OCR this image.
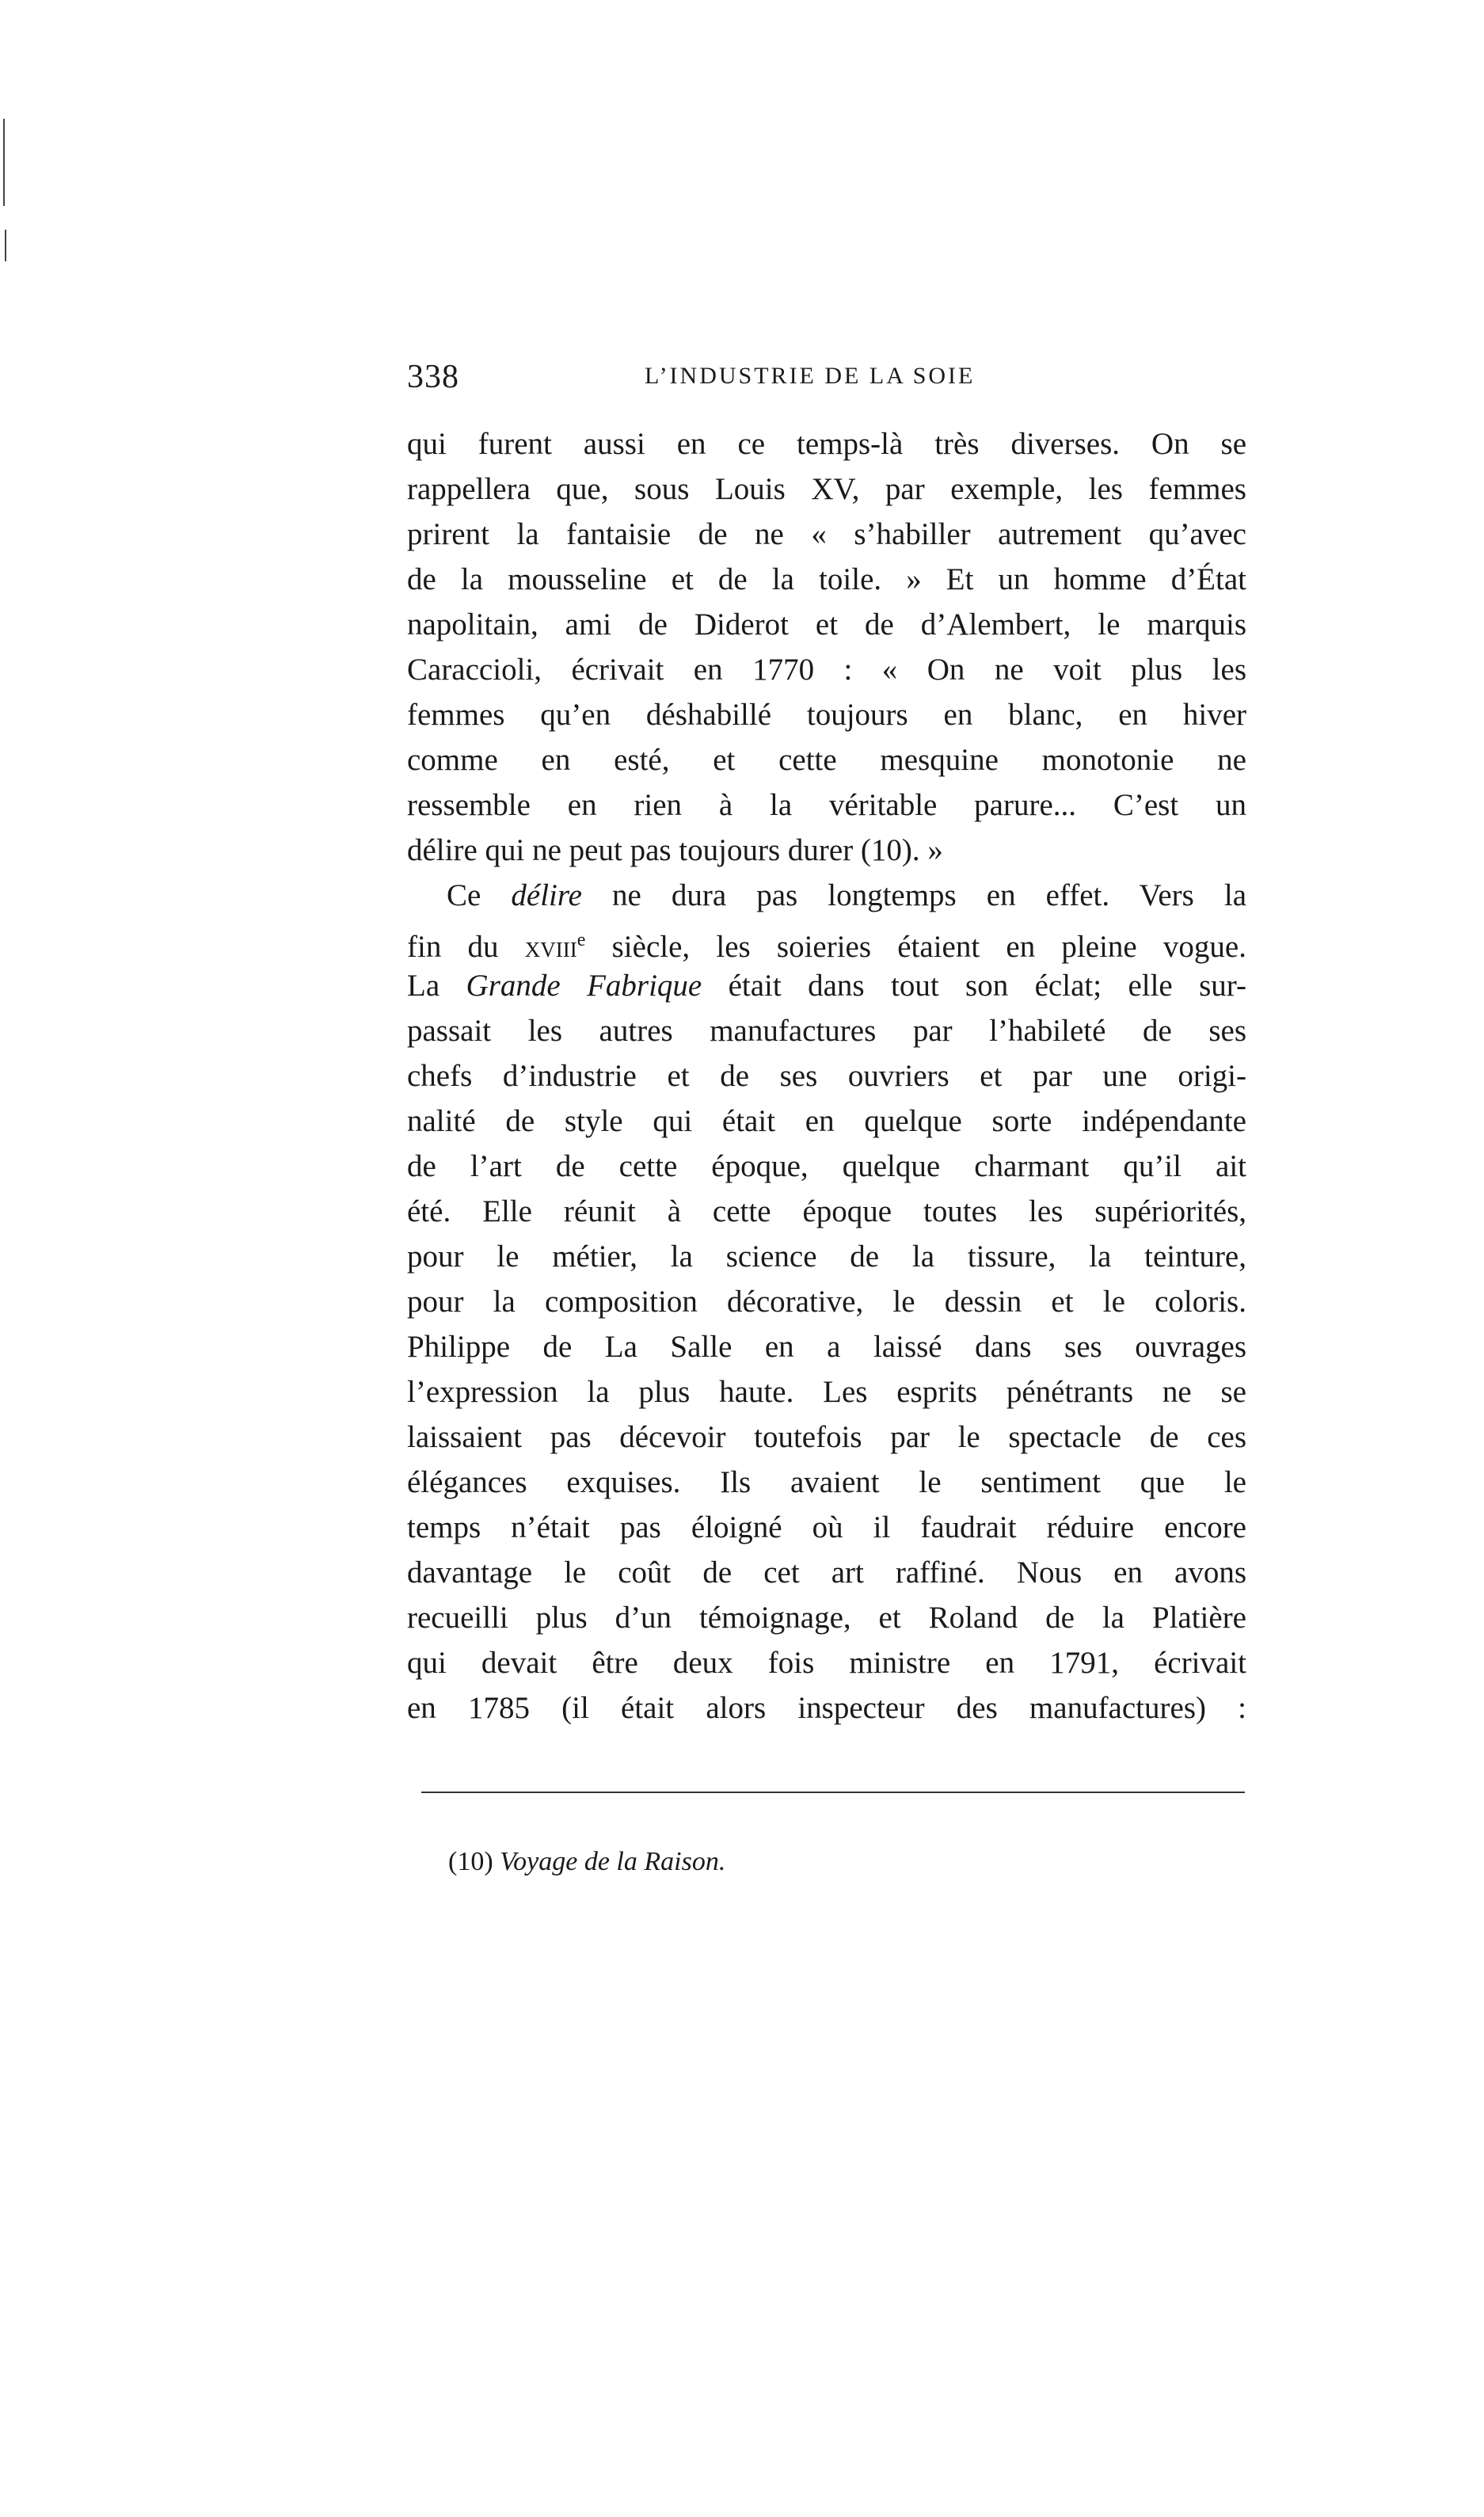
338	L’INDUSTRIE DE LA SOIE
qui furent aussi en ce temps-là très diverses. On se
rappellera que, sous Louis XV, par exemple, les femmes
prirent la fantaisie de ne « s’habiller autrement qu’avec
de la mousseline et de la toile. » Et un homme d’État
napolitain, ami de Diderot et de d’Alembert, le marquis
Caraccioli, écrivait en 1770 : « On ne voit plus les
femmes qu’en déshabillé toujours en blanc, en hiver
comme en esté, et cette mesquine monotonie ne
ressemble en rien à la véritable parure... C’est un
délire qui ne peut pas toujours durer (10). »
Ce délire ne dura pas longtemps en effet. Vers la
fin du xviii$^e$ siècle, les soieries étaient en pleine vogue.
La Grande Fabrique était dans tout son éclat; elle sur-
passait les autres manufactures par l’habileté de ses
chefs d’industrie et de ses ouvriers et par une origi-
nalité de style qui était en quelque sorte indépendante
de l’art de cette époque, quelque charmant qu’il ait
été. Elle réunit à cette époque toutes les supériorités,
pour le métier, la science de la tissure, la teinture,
pour la composition décorative, le dessin et le coloris.
Philippe de La Salle en a laissé dans ses ouvrages
l’expression la plus haute. Les esprits pénétrants ne se
laissaient pas décevoir toutefois par le spectacle de ces
élégances exquises. Ils avaient le sentiment que le
temps n’était pas éloigné où il faudrait réduire encore
davantage le coût de cet art raffiné. Nous en avons
recueilli plus d’un témoignage, et Roland de la Platière
qui devait être deux fois ministre en 1791, écrivait
en 1785 (il était alors inspecteur des manufactures) :
(10) Voyage de la Raison.
